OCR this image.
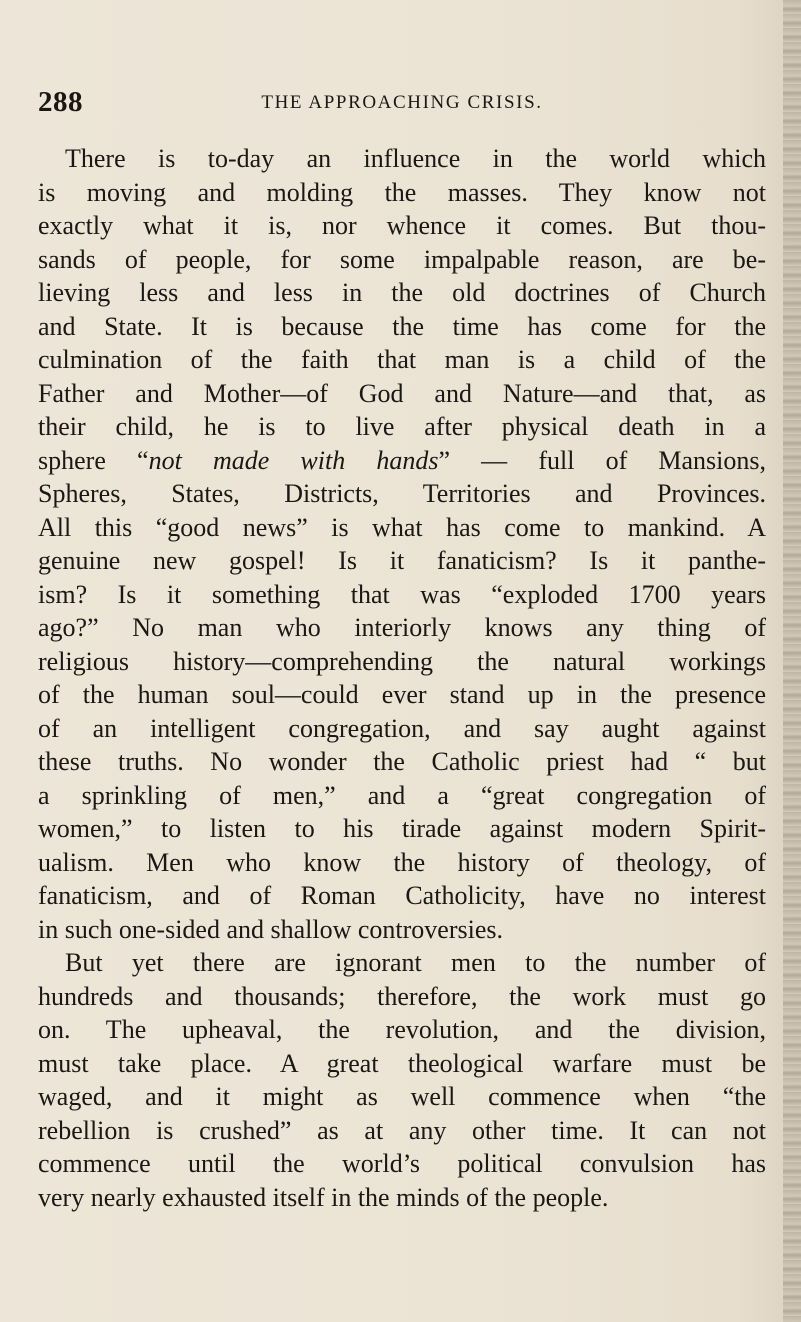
288	THE APPROACHING CRISIS.
There is to-day an influence in the world which
is moving and molding the masses. They know not
exactly what it is, nor whence it comes. But thou-
sands of people, for some impalpable reason, are be-
lieving less and less in the old doctrines of Church
and State. It is because the time has come for the
culmination of the faith that man is a child of the
Father and Mother—of God and Nature—and that, as
their child, he is to live after physical death in a
sphere “not made with hands” — full of Mansions,
Spheres, States, Districts, Territories and Provinces.
All this “good news” is what has come to mankind. A
genuine new gospel! Is it fanaticism? Is it panthe-
ism? Is it something that was “exploded 1700 years
ago?” No man who interiorly knows any thing of
religious history—comprehending the natural workings
of the human soul—could ever stand up in the presence
of an intelligent congregation, and say aught against
these truths. No wonder the Catholic priest had “ but
a sprinkling of men,” and a “great congregation of
women,” to listen to his tirade against modern Spirit-
ualism. Men who know the history of theology, of
fanaticism, and of Roman Catholicity, have no interest
in such one-sided and shallow controversies.
But yet there are ignorant men to the number of
hundreds and thousands; therefore, the work must go
on. The upheaval, the revolution, and the division,
must take place. A great theological warfare must be
waged, and it might as well commence when “the
rebellion is crushed” as at any other time. It can not
commence until the world’s political convulsion has
very nearly exhausted itself in the minds of the people.
